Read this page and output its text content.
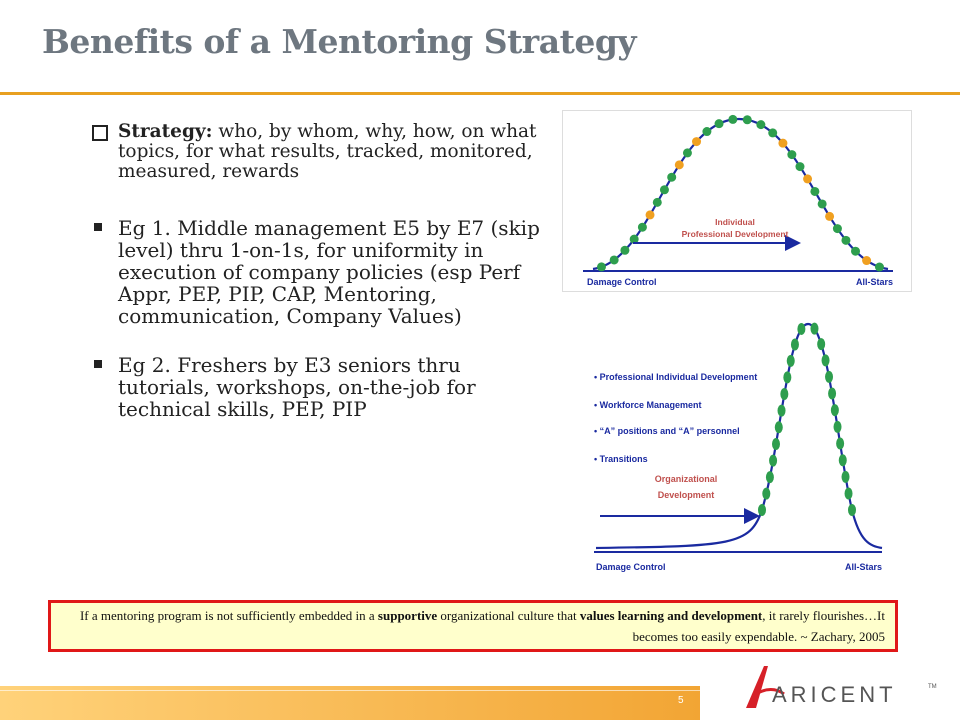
Benefits of a Mentoring Strategy
Strategy: who, by whom, why, how, on what topics, for what results, tracked, monitored, measured, rewards
Eg 1. Middle management E5 by E7 (skip level) thru 1-on-1s, for uniformity in execution of company policies (esp Perf Appr, PEP, PIP, CAP, Mentoring, communication, Company Values)
Eg 2. Freshers by E3 seniors thru tutorials, workshops, on-the-job for technical skills, PEP, PIP
Individual
Professional Development
Damage Control	All-Stars
• Professional Individual Development
• Workforce Management
• “A” positions and “A” personnel
• Transitions
Organizational
Development
Damage Control	All-Stars
If a mentoring program is not sufficiently embedded in a supportive organizational culture that values learning and development, it rarely flourishes…It becomes too easily expendable. ~ Zachary, 2005
5	ARICENT	TM
